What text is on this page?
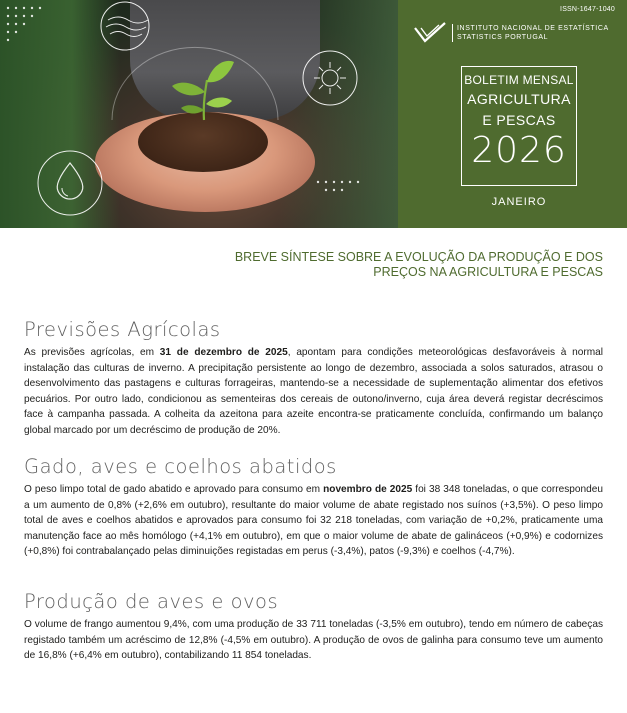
ISSN-1647-1040
INSTITUTO NACIONAL DE ESTATÍSTICA
STATISTICS PORTUGAL
BOLETIM MENSAL
AGRICULTURA
E PESCAS
2026
JANEIRO
BREVE SÍNTESE SOBRE A EVOLUÇÃO DA PRODUÇÃO E DOS
PREÇOS NA AGRICULTURA E PESCAS
Previsões Agrícolas

As previsões agrícolas, em 31 de dezembro de 2025, apontam para condições meteorológicas desfavoráveis à normal instalação das culturas de inverno. A precipitação persistente ao longo de dezembro, associada a solos saturados, atrasou o desenvolvimento das pastagens e culturas forrageiras, mantendo-se a necessidade de suplementação alimentar dos efetivos pecuários. Por outro lado, condicionou as sementeiras dos cereais de outono/inverno, cuja área deverá registar decréscimos face à campanha passada. A colheita da azeitona para azeite encontra-se praticamente concluída, confirmando um balanço global marcado por um decréscimo de produção de 20%.

Gado, aves e coelhos abatidos

O peso limpo total de gado abatido e aprovado para consumo em novembro de 2025 foi 38 348 toneladas, o que correspondeu a um aumento de 0,8% (+2,6% em outubro), resultante do maior volume de abate registado nos suínos (+3,5%). O peso limpo total de aves e coelhos abatidos e aprovados para consumo foi 32 218 toneladas, com variação de +0,2%, praticamente uma manutenção face ao mês homólogo (+4,1% em outubro), em que o maior volume de abate de galináceos (+0,9%) e codornizes (+0,8%) foi contrabalançado pelas diminuições registadas em perus (-3,4%), patos (-9,3%) e coelhos (-4,7%).

Produção de aves e ovos

O volume de frango aumentou 9,4%, com uma produção de 33 711 toneladas (-3,5% em outubro), tendo em número de cabeças registado também um acréscimo de 12,8% (-4,5% em outubro). A produção de ovos de galinha para consumo teve um aumento de 16,8% (+6,4% em outubro), contabilizando 11 854 toneladas.
